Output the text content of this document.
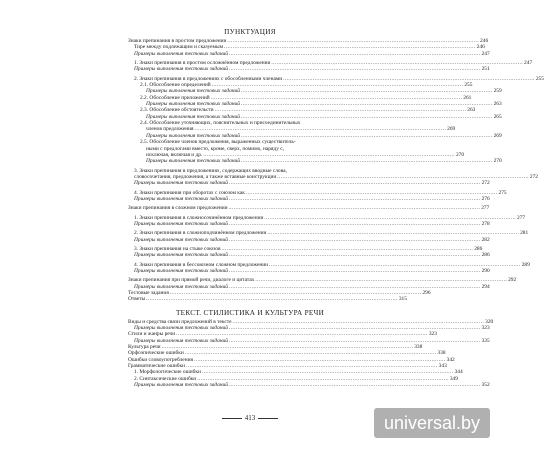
ПУНКТУАЦИЯ
Знаки препинания в простом предложении .....	246
Тире между подлежащим и сказуемым .....	246
Примеры выполнения тестовых заданий .....	247
1. Знаки препинания в простом осложнённом предложении .....	247
Примеры выполнения тестовых заданий .....	251
2. Знаки препинания в предложениях с обособленными членами .....	255
2.1. Обособление определений .....	255
Примеры выполнения тестовых заданий .....	259
2.2. Обособление приложений .....	261
Примеры выполнения тестовых заданий .....	263
2.3. Обособление обстоятельств .....	263
Примеры выполнения тестовых заданий .....	265
2.4. Обособление уточняющих, пояснительных и присоединительных
членов предложения .....	269
Примеры выполнения тестовых заданий .....	269
2.5. Обособление членов предложения, выраженных существитель-
ными с предлогами вместо, кроме, сверх, помимо, наряду с,
исключая, включая и др. .....	270
Примеры выполнения тестовых заданий .....	270
3. Знаки препинания в предложениях, содержащих вводные слова,
словосочетания, предложения, а также вставные конструкции .....	272
Примеры выполнения тестовых заданий .....	272
4. Знаки препинания при оборотах с союзом как .....	275
Примеры выполнения тестовых заданий .....	276
Знаки препинания в сложном предложении .....	277
1. Знаки препинания в сложносочинённом предложении .....	277
Примеры выполнения тестовых заданий .....	278
2. Знаки препинания в сложноподчинённом предложении .....	281
Примеры выполнения тестовых заданий .....	282
3. Знаки препинания на стыке союзов .....	286
Примеры выполнения тестовых заданий .....	286
4. Знаки препинания в бессоюзном сложном предложении .....	289
Примеры выполнения тестовых заданий .....	290
Знаки препинания при прямой речи, диалоге и цитатах .....	292
Примеры выполнения тестовых заданий .....	294
Тестовые задания .....	296
Ответы .....	315
ТЕКСТ. СТИЛИСТИКА И КУЛЬТУРА РЕЧИ
Виды и средства связи предложений в тексте .....	320
Примеры выполнения тестовых заданий .....	323
Стили и жанры речи .....	323
Примеры выполнения тестовых заданий .....	335
Культура речи .....	338
Орфоэпические ошибки .....	338
Ошибки словоупотребления .....	342
Грамматические ошибки .....	343
1. Морфологические ошибки .....	344
2. Синтаксические ошибки .....	349
Примеры выполнения тестовых заданий .....	352
413	universal.by
